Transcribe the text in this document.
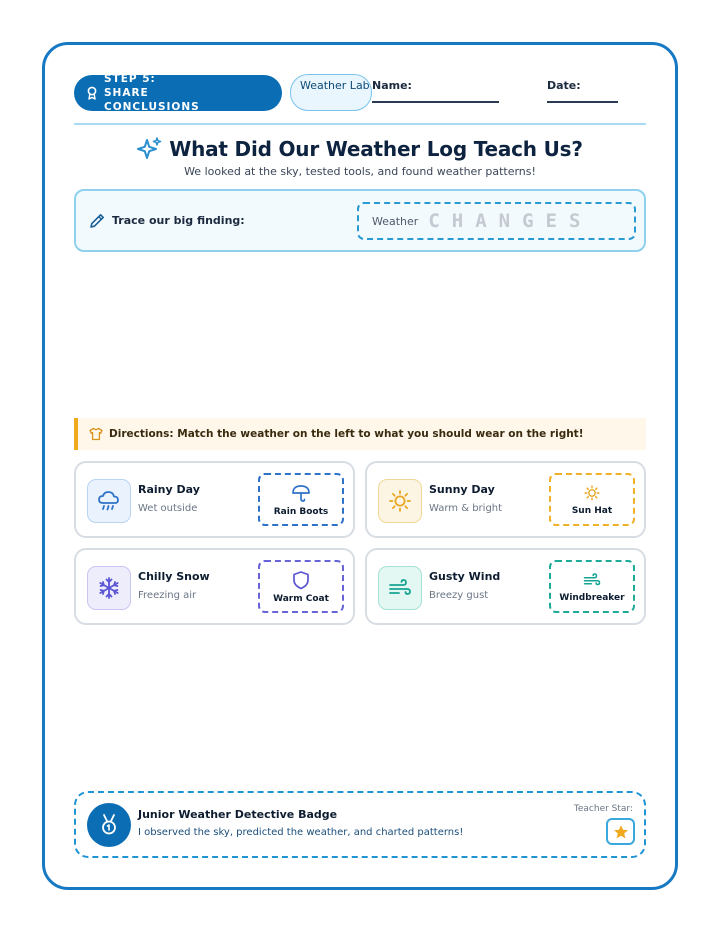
STEP 5: SHARE CONCLUSIONS
Weather Lab Name:	Date:
What Did Our Weather Log Teach Us?
We looked at the sky, tested tools, and found weather patterns!
Trace our big finding:	Weather CHANGES
Directions: Match the weather on the left to what you should wear on the right!
Rainy Day
Wet outside	Rain Boots
Sunny Day
Warm & bright	Sun Hat
Chilly Snow
Freezing air	Warm Coat
Gusty Wind
Breezy gust	Windbreaker
Junior Weather Detective Badge
I observed the sky, predicted the weather, and charted patterns!
Teacher Star:
